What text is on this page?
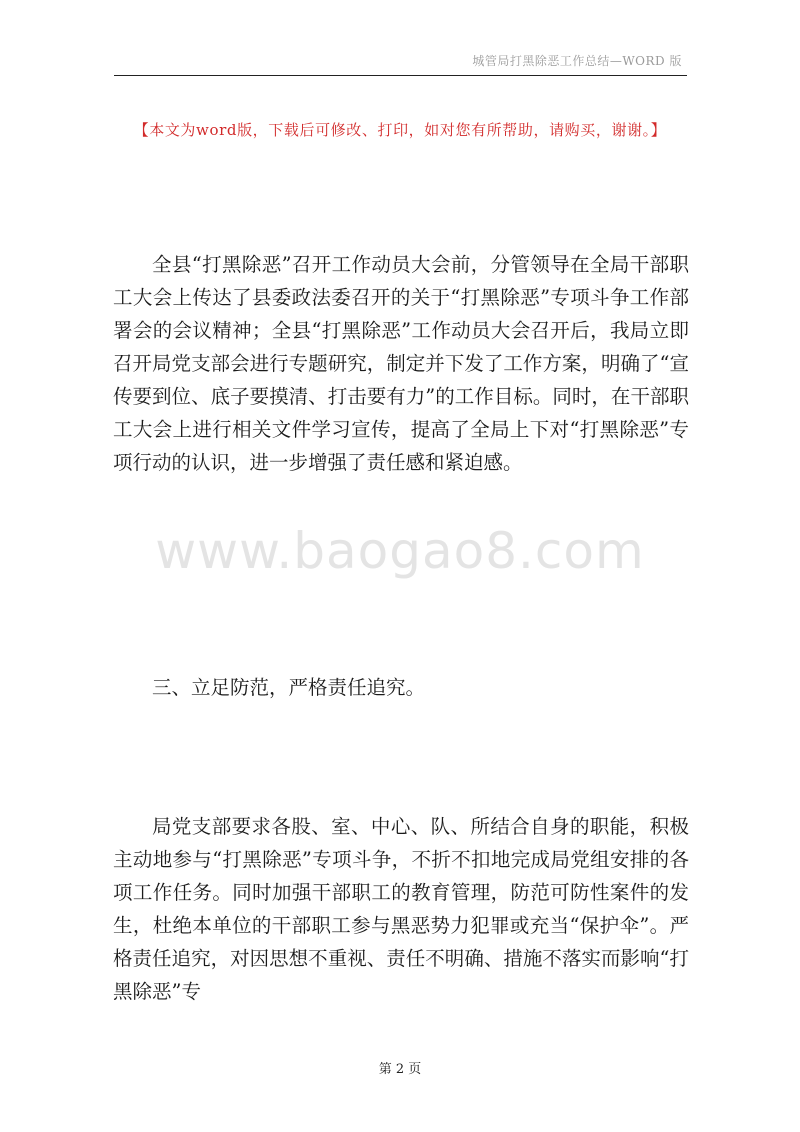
城管局打黑除恶工作总结—WORD 版
【本文为word版，下载后可修改、打印，如对您有所帮助，请购买，谢谢。】

全县“打黑除恶”召开工作动员大会前，分管领导在全局干部职工大会上传达了县委政法委召开的关于“打黑除恶”专项斗争工作部署会的会议精神；全县“打黑除恶”工作动员大会召开后，我局立即召开局党支部会进行专题研究，制定并下发了工作方案，明确了“宣传要到位、底子要摸清、打击要有力”的工作目标。同时，在干部职工大会上进行相关文件学习宣传，提高了全局上下对“打黑除恶”专项行动的认识，进一步增强了责任感和紧迫感。

www.baogao8.com

三、立足防范，严格责任追究。

局党支部要求各股、室、中心、队、所结合自身的职能，积极主动地参与“打黑除恶”专项斗争，不折不扣地完成局党组安排的各项工作任务。同时加强干部职工的教育管理，防范可防性案件的发生，杜绝本单位的干部职工参与黑恶势力犯罪或充当“保护伞”。严格责任追究，对因思想不重视、责任不明确、措施不落实而影响“打黑除恶”专

第 2 页
